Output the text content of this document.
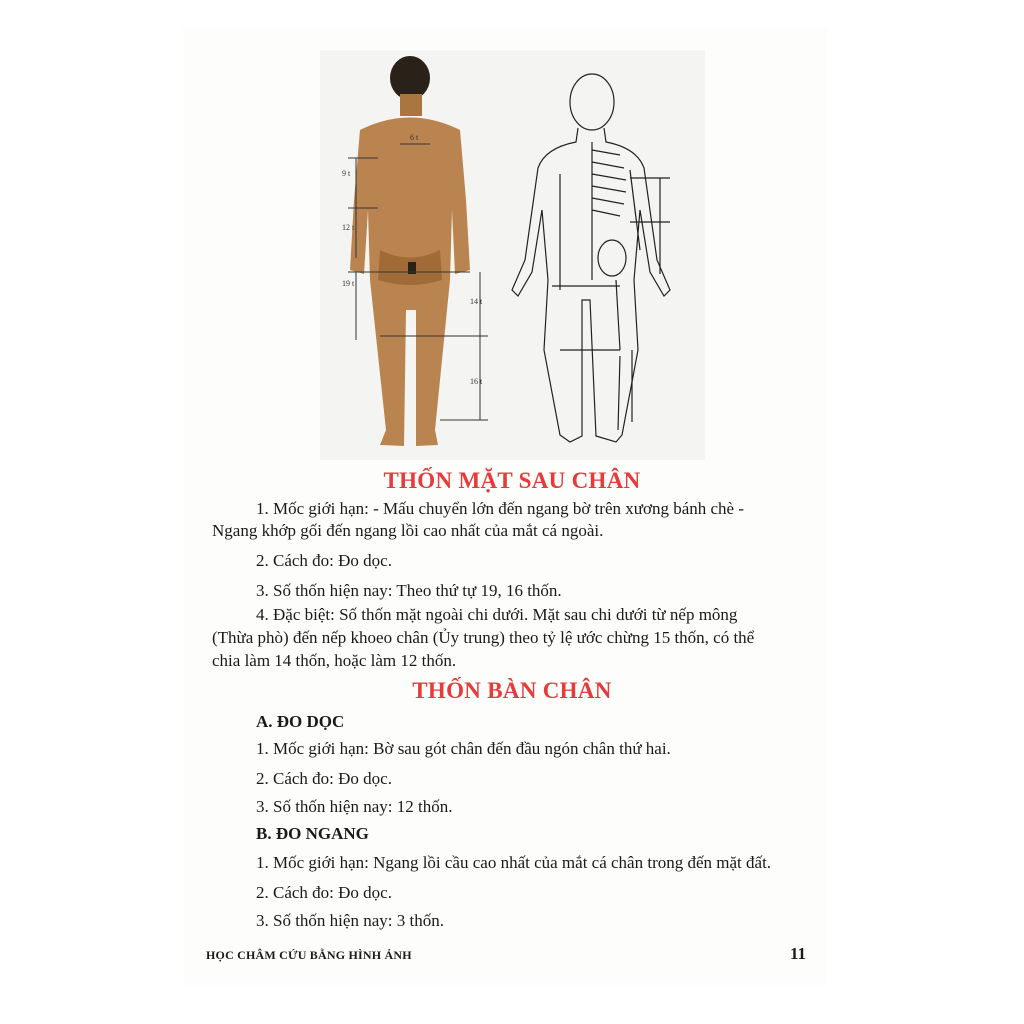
6 t
9 t
12 t
19 t
14 t
16 t
THỐN MẶT SAU CHÂN
1. Mốc giới hạn: - Mấu chuyển lớn đến ngang bờ trên xương bánh chè -
Ngang khớp gối đến ngang lồi cao nhất của mắt cá ngoài.
2. Cách đo: Đo dọc.
3. Số thốn hiện nay: Theo thứ tự 19, 16 thốn.
4. Đặc biệt: Số thốn mặt ngoài chi dưới. Mặt sau chi dưới từ nếp mông
(Thừa phò) đến nếp khoeo chân (Ủy trung) theo tỷ lệ ước chừng 15 thốn, có thể
chia làm 14 thốn, hoặc làm 12 thốn.
THỐN BÀN CHÂN
A. ĐO DỌC
1. Mốc giới hạn: Bờ sau gót chân đến đầu ngón chân thứ hai.
2. Cách đo: Đo dọc.
3. Số thốn hiện nay: 12 thốn.
B. ĐO NGANG
1. Mốc giới hạn: Ngang lồi cầu cao nhất của mắt cá chân trong đến mặt đất.
2. Cách đo: Đo dọc.
3. Số thốn hiện nay: 3 thốn.
HỌC CHÂM CỨU BẰNG HÌNH ẢNH	11
